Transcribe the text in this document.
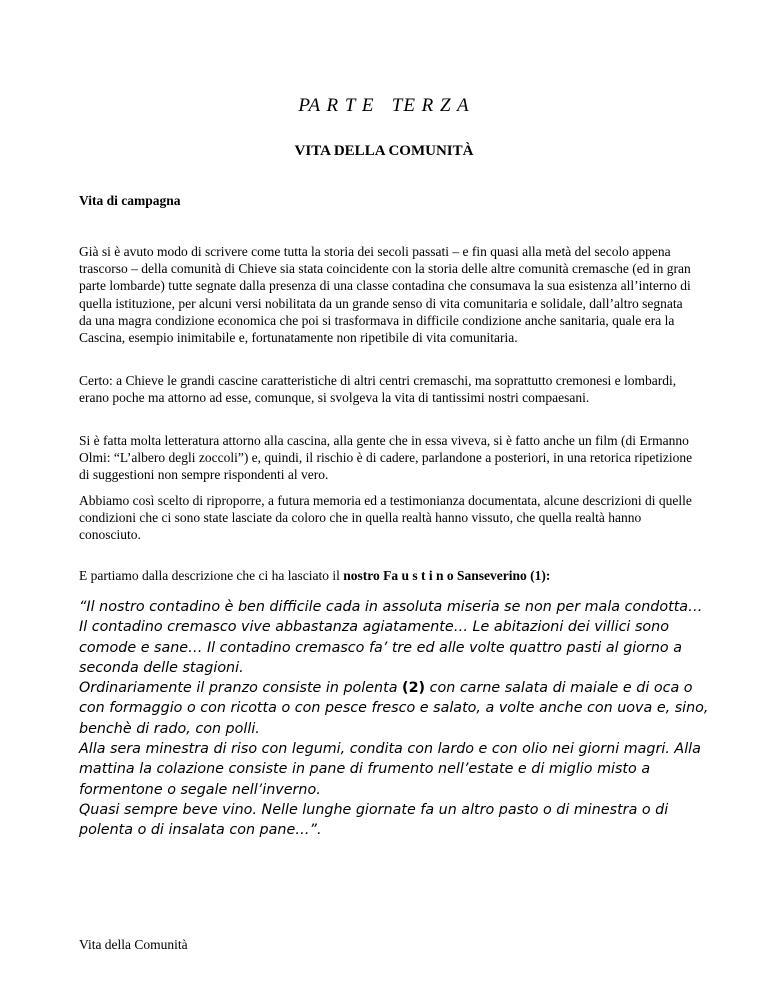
PA R T E   TE R Z A
VITA DELLA COMUNITÀ
Vita di campagna

Già si è avuto modo di scrivere come tutta la storia dei secoli passati – e fin quasi alla metà del secolo appena trascorso – della comunità di Chieve sia stata coincidente con la storia delle altre comunità cremasche (ed in gran parte lombarde) tutte segnate dalla presenza di una classe contadina che consumava la sua esistenza all’interno di quella istituzione, per alcuni versi nobilitata da un grande senso di vita comunitaria e solidale, dall’altro segnata da una magra condizione economica che poi si trasformava in difficile condizione anche sanitaria, quale era la Cascina, esempio inimitabile e, fortunatamente non ripetibile di vita comunitaria.

Certo: a Chieve le grandi cascine caratteristiche di altri centri cremaschi, ma soprattutto cremonesi e lombardi, erano poche ma attorno ad esse, comunque, si svolgeva la vita di tantissimi nostri compaesani.

Si è fatta molta letteratura attorno alla cascina, alla gente che in essa viveva, si è fatto anche un film (di Ermanno Olmi: “L’albero degli zoccoli”) e, quindi, il rischio è di cadere, parlandone a posteriori, in una retorica ripetizione di suggestioni non sempre rispondenti al vero.

Abbiamo così scelto di riproporre, a futura memoria ed a testimonianza documentata, alcune descrizioni di quelle condizioni che ci sono state lasciate da coloro che in quella realtà hanno vissuto, che quella realtà hanno conosciuto.

E partiamo dalla descrizione che ci ha lasciato il nostro Fa u s t i n o Sanseverino (1):

“Il nostro contadino è ben difficile cada in assoluta miseria se non per mala condotta… Il contadino cremasco vive abbastanza agiatamente… Le abitazioni dei villici sono comode e sane… Il contadino cremasco fa’ tre ed alle volte quattro pasti al giorno a seconda delle stagioni.
Ordinariamente il pranzo consiste in polenta (2) con carne salata di maiale e di oca o con formaggio o con ricotta o con pesce fresco e salato, a volte anche con uova e, sino, benchè di rado, con polli.
Alla sera minestra di riso con legumi, condita con lardo e con olio nei giorni magri. Alla mattina la colazione consiste in pane di frumento nell’estate e di miglio misto a formentone o segale nell’inverno.
Quasi sempre beve vino. Nelle lunghe giornate fa un altro pasto o di minestra o di polenta o di insalata con pane…”.
Vita della Comunità
